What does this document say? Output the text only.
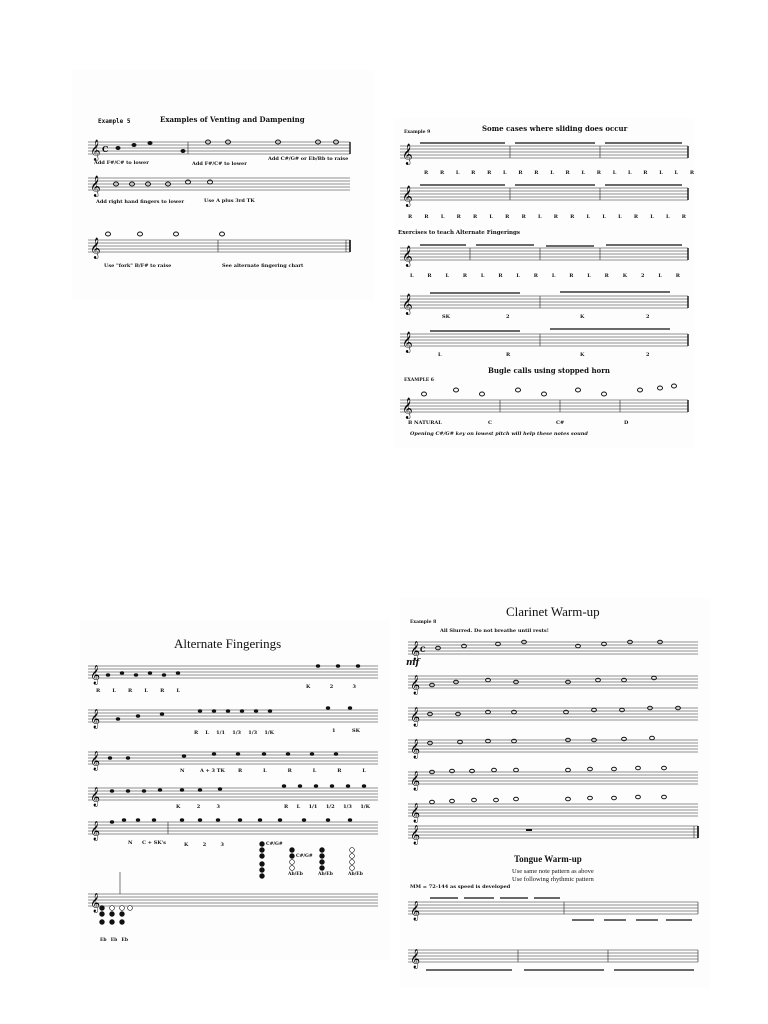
Example 5	Examples of Venting and Dampening
𝄞 C
Add F#/C# to lower	Add F#/C# to lower
Add C#/G# or Eb/Bb to raise
𝄞
Add right hand fingers to lower	Use A plus 3rd TK
𝄞
Use "fork" B/F# to raise	See alternate fingering chart
Example 9	Some cases where sliding does occur
𝄞
R R L R R L R R L R L R L L R L L R
𝄞
R R L R R L R R L R R L L L R L L R
Exercises to teach Alternate Fingerings
𝄞
L	R	L	R	L	R	L	R	L	R	L	R	K	2	L	R
𝄞
SK	2	K	2
𝄞
L	R	K	2
Bugle calls using stopped horn
EXAMPLE 6
𝄞
B NATURAL	C	C#	D
Opening C#/G# key on lowest pitch will help these notes sound
Alternate Fingerings
𝄞
R L R L R L
K	2	3
𝄞
R L 1/1 1/3 1/3 1/K	1	SK
𝄞	N	A + 3 TK	R	L	R	L	R	L
𝄞	K	2	3	R L 1/1 1/2 1/3 1/K
𝄞
N C + SK's	K	2	3	C#/G#
C#/G#
Ab/Eb	Ab/Eb	Ab/Eb
𝄞
Eb Eb Eb
Clarinet Warm-up
Example 8
All Slurred. Do not breathe until rests!
𝄞 C
mf
𝄞
𝄞
𝄞
𝄞
𝄞
𝄞
Tongue Warm-up
Use same note pattern as above
Use following rhythmic pattern
MM = 72-144 as speed is developed
𝄞
𝄞
